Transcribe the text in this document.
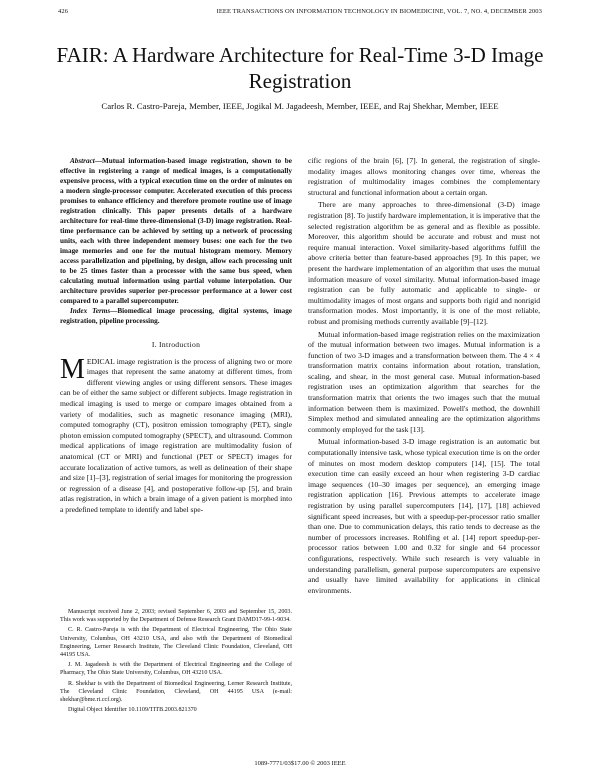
426	IEEE TRANSACTIONS ON INFORMATION TECHNOLOGY IN BIOMEDICINE, VOL. 7, NO. 4, DECEMBER 2003
FAIR: A Hardware Architecture for Real-Time 3-D Image Registration
Carlos R. Castro-Pareja, Member, IEEE, Jogikal M. Jagadeesh, Member, IEEE, and Raj Shekhar, Member, IEEE

Abstract—Mutual information-based image registration, shown to be effective in registering a range of medical images, is a computationally expensive process, with a typical execution time on the order of minutes on a modern single-processor computer. Accelerated execution of this process promises to enhance efficiency and therefore promote routine use of image registration clinically. This paper presents details of a hardware architecture for real-time three-dimensional (3-D) image registration. Real-time performance can be achieved by setting up a network of processing units, each with three independent memory buses: one each for the two image memories and one for the mutual histogram memory. Memory access parallelization and pipelining, by design, allow each processing unit to be 25 times faster than a processor with the same bus speed, when calculating mutual information using partial volume interpolation. Our architecture provides superior per-processor performance at a lower cost compared to a parallel supercomputer.

Index Terms—Biomedical image processing, digital systems, image registration, pipeline processing.

I. Introduction

MEDICAL image registration is the process of aligning two or more images that represent the same anatomy at different times, from different viewing angles or using different sensors. These images can be of either the same subject or different subjects. Image registration in medical imaging is used to merge or compare images obtained from a variety of modalities, such as magnetic resonance imaging (MRI), computed tomography (CT), positron emission tomography (PET), single photon emission computed tomography (SPECT), and ultrasound. Common medical applications of image registration are multimodality fusion of anatomical (CT or MRI) and functional (PET or SPECT) images for accurate localization of active tumors, as well as delineation of their shape and size [1]–[3], registration of serial images for monitoring the progression or regression of a disease [4], and postoperative follow-up [5], and brain atlas registration, in which a brain image of a given patient is morphed into a predefined template to identify and label spe-

Manuscript received June 2, 2003; revised September 6, 2003 and September 15, 2003. This work was supported by the Department of Defense Research Grant DAMD17-99-1-9034.

C. R. Castro-Pareja is with the Department of Electrical Engineering, The Ohio State University, Columbus, OH 43210 USA, and also with the Department of Biomedical Engineering, Lerner Research Institute, The Cleveland Clinic Foundation, Cleveland, OH 44195 USA.

J. M. Jagadeesh is with the Department of Electrical Engineering and the College of Pharmacy, The Ohio State University, Columbus, OH 43210 USA.

R. Shekhar is with the Department of Biomedical Engineering, Lerner Research Institute, The Cleveland Clinic Foundation, Cleveland, OH 44195 USA (e-mail: shekhar@bme.ri.ccf.org).

Digital Object Identifier 10.1109/TITB.2003.821370

cific regions of the brain [6], [7]. In general, the registration of single-modality images allows monitoring changes over time, whereas the registration of multimodality images combines the complementary structural and functional information about a certain organ.

There are many approaches to three-dimensional (3-D) image registration [8]. To justify hardware implementation, it is imperative that the selected registration algorithm be as general and as flexible as possible. Moreover, this algorithm should be accurate and robust and must not require manual interaction. Voxel similarity-based algorithms fulfill the above criteria better than feature-based approaches [9]. In this paper, we present the hardware implementation of an algorithm that uses the mutual information measure of voxel similarity. Mutual information-based image registration can be fully automatic and applicable to single- or multimodality images of most organs and supports both rigid and nonrigid transformation modes. Most importantly, it is one of the most reliable, robust and promising methods currently available [9]–[12].

Mutual information-based image registration relies on the maximization of the mutual information between two images. Mutual information is a function of two 3-D images and a transformation between them. The 4 × 4 transformation matrix contains information about rotation, translation, scaling, and shear, in the most general case. Mutual information-based registration uses an optimization algorithm that searches for the transformation matrix that orients the two images such that the mutual information between them is maximized. Powell's method, the downhill Simplex method and simulated annealing are the optimization algorithms commonly employed for the task [13].

Mutual information-based 3-D image registration is an automatic but computationally intensive task, whose typical execution time is on the order of minutes on most modern desktop computers [14], [15]. The total execution time can easily exceed an hour when registering 3-D cardiac image sequences (10–30 images per sequence), an emerging image registration application [16]. Previous attempts to accelerate image registration by using parallel supercomputers [14], [17], [18] achieved significant speed increases, but with a speedup-per-processor ratio smaller than one. Due to communication delays, this ratio tends to decrease as the number of processors increases. Rohlfing et al. [14] report speedup-per-processor ratios between 1.00 and 0.32 for single and 64 processor configurations, respectively. While such research is very valuable in understanding parallelism, general purpose supercomputers are expensive and usually have limited availability for applications in clinical environments.

1089-7771/03$17.00 © 2003 IEEE
